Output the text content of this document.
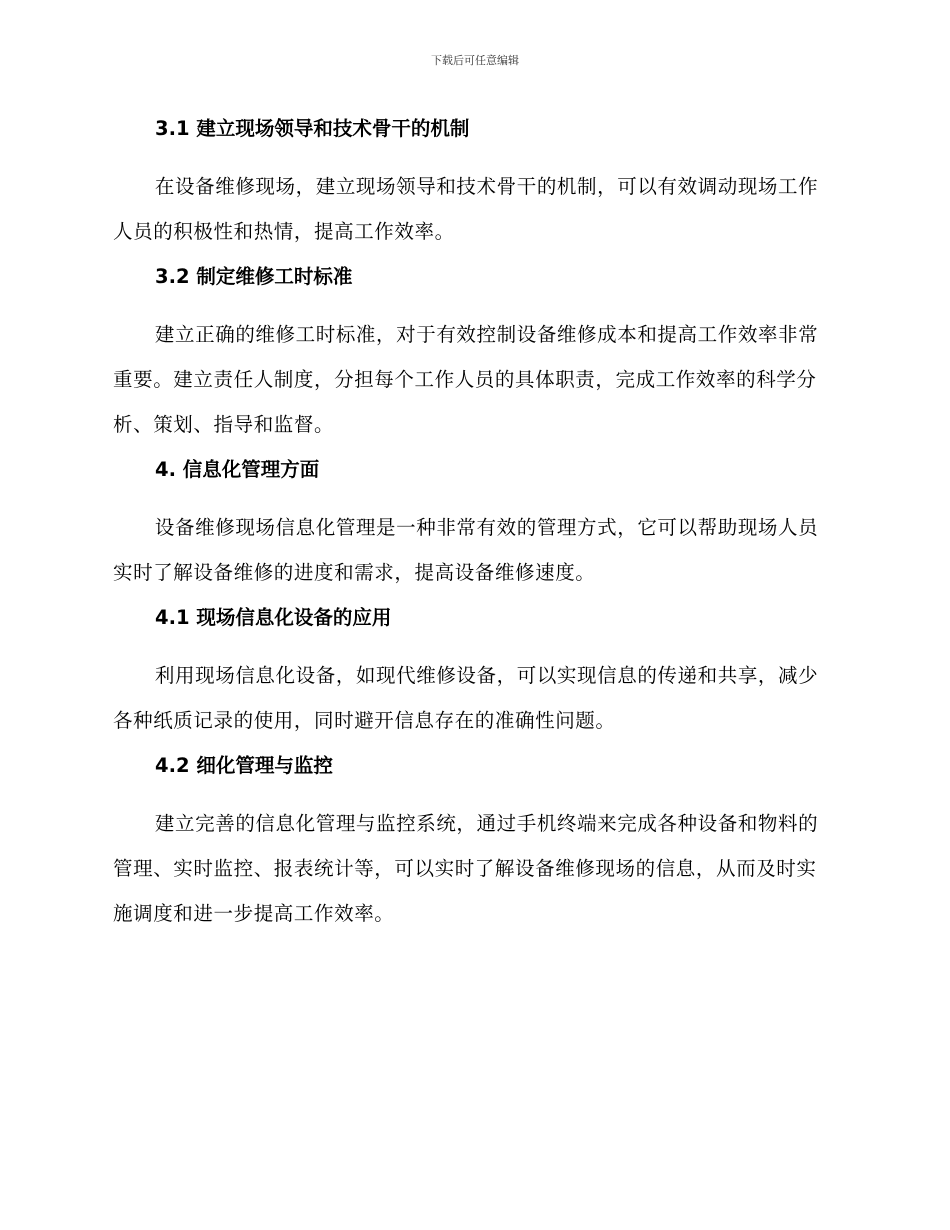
下载后可任意编辑
3.1 建立现场领导和技术骨干的机制

在设备维修现场，建立现场领导和技术骨干的机制，可以有效调动现场工作人员的积极性和热情，提高工作效率。

3.2 制定维修工时标准

建立正确的维修工时标准，对于有效控制设备维修成本和提高工作效率非常重要。建立责任人制度，分担每个工作人员的具体职责，完成工作效率的科学分析、策划、指导和监督。

4. 信息化管理方面

设备维修现场信息化管理是一种非常有效的管理方式，它可以帮助现场人员实时了解设备维修的进度和需求，提高设备维修速度。

4.1 现场信息化设备的应用

利用现场信息化设备，如现代维修设备，可以实现信息的传递和共享，减少各种纸质记录的使用，同时避开信息存在的准确性问题。

4.2 细化管理与监控

建立完善的信息化管理与监控系统，通过手机终端来完成各种设备和物料的管理、实时监控、报表统计等，可以实时了解设备维修现场的信息，从而及时实施调度和进一步提高工作效率。
